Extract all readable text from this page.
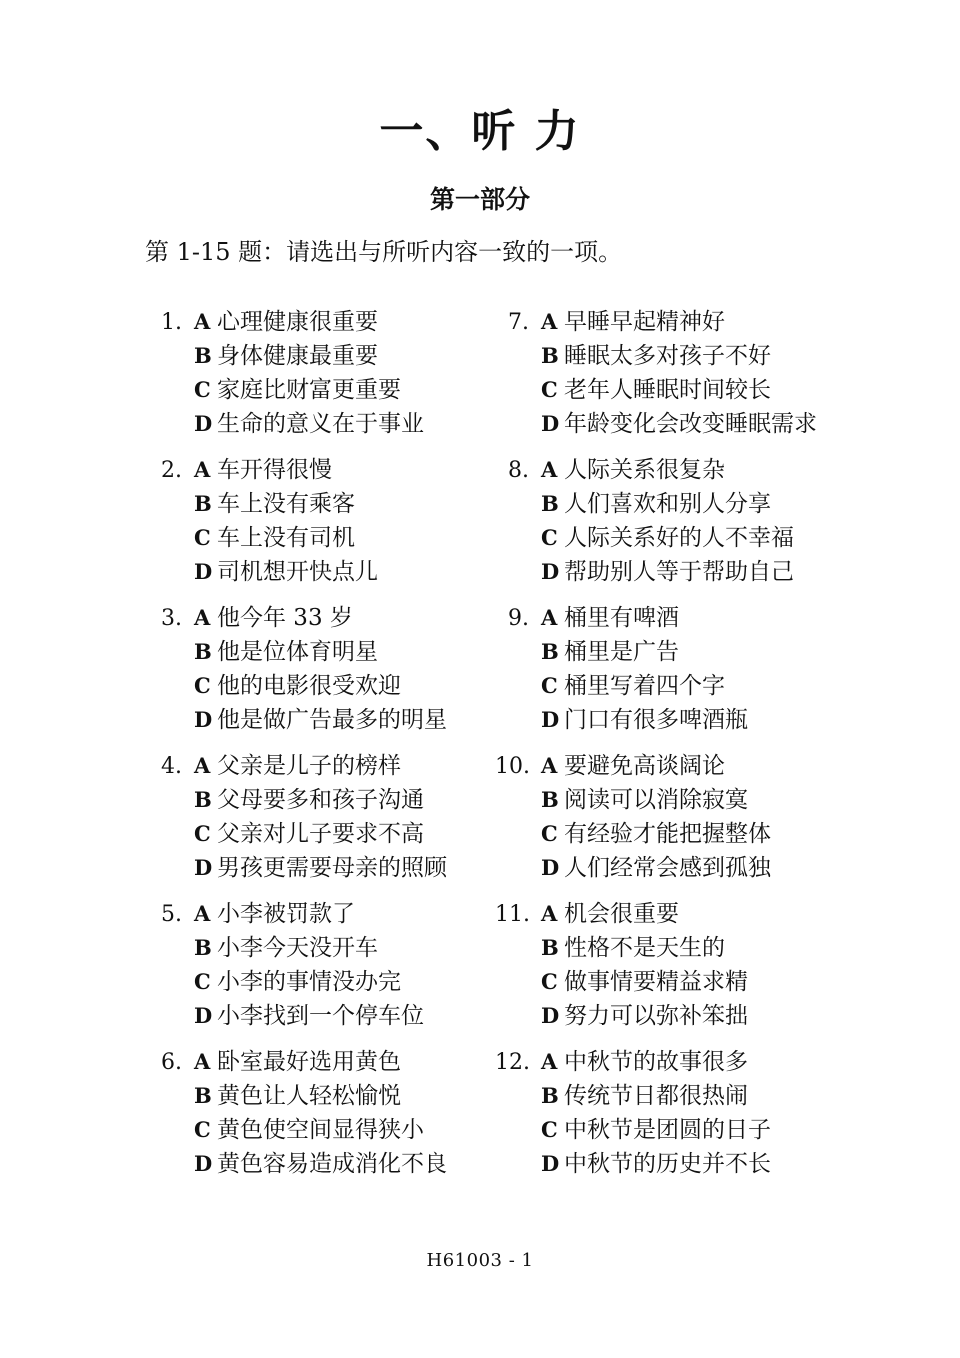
一、听 力
第一部分
第 1-15 题：请选出与所听内容一致的一项。
1. A 心理健康很重要
B 身体健康最重要
C 家庭比财富更重要
D 生命的意义在于事业
2. A 车开得很慢
B 车上没有乘客
C 车上没有司机
D 司机想开快点儿
3. A 他今年 33 岁
B 他是位体育明星
C 他的电影很受欢迎
D 他是做广告最多的明星
4. A 父亲是儿子的榜样
B 父母要多和孩子沟通
C 父亲对儿子要求不高
D 男孩更需要母亲的照顾
5. A 小李被罚款了
B 小李今天没开车
C 小李的事情没办完
D 小李找到一个停车位
6. A 卧室最好选用黄色
B 黄色让人轻松愉悦
C 黄色使空间显得狭小
D 黄色容易造成消化不良
7. A 早睡早起精神好
B 睡眠太多对孩子不好
C 老年人睡眠时间较长
D 年龄变化会改变睡眠需求
8. A 人际关系很复杂
B 人们喜欢和别人分享
C 人际关系好的人不幸福
D 帮助别人等于帮助自己
9. A 桶里有啤酒
B 桶里是广告
C 桶里写着四个字
D 门口有很多啤酒瓶
10. A 要避免高谈阔论
B 阅读可以消除寂寞
C 有经验才能把握整体
D 人们经常会感到孤独
11. A 机会很重要
B 性格不是天生的
C 做事情要精益求精
D 努力可以弥补笨拙
12. A 中秋节的故事很多
B 传统节日都很热闹
C 中秋节是团圆的日子
D 中秋节的历史并不长
H61003 - 1
